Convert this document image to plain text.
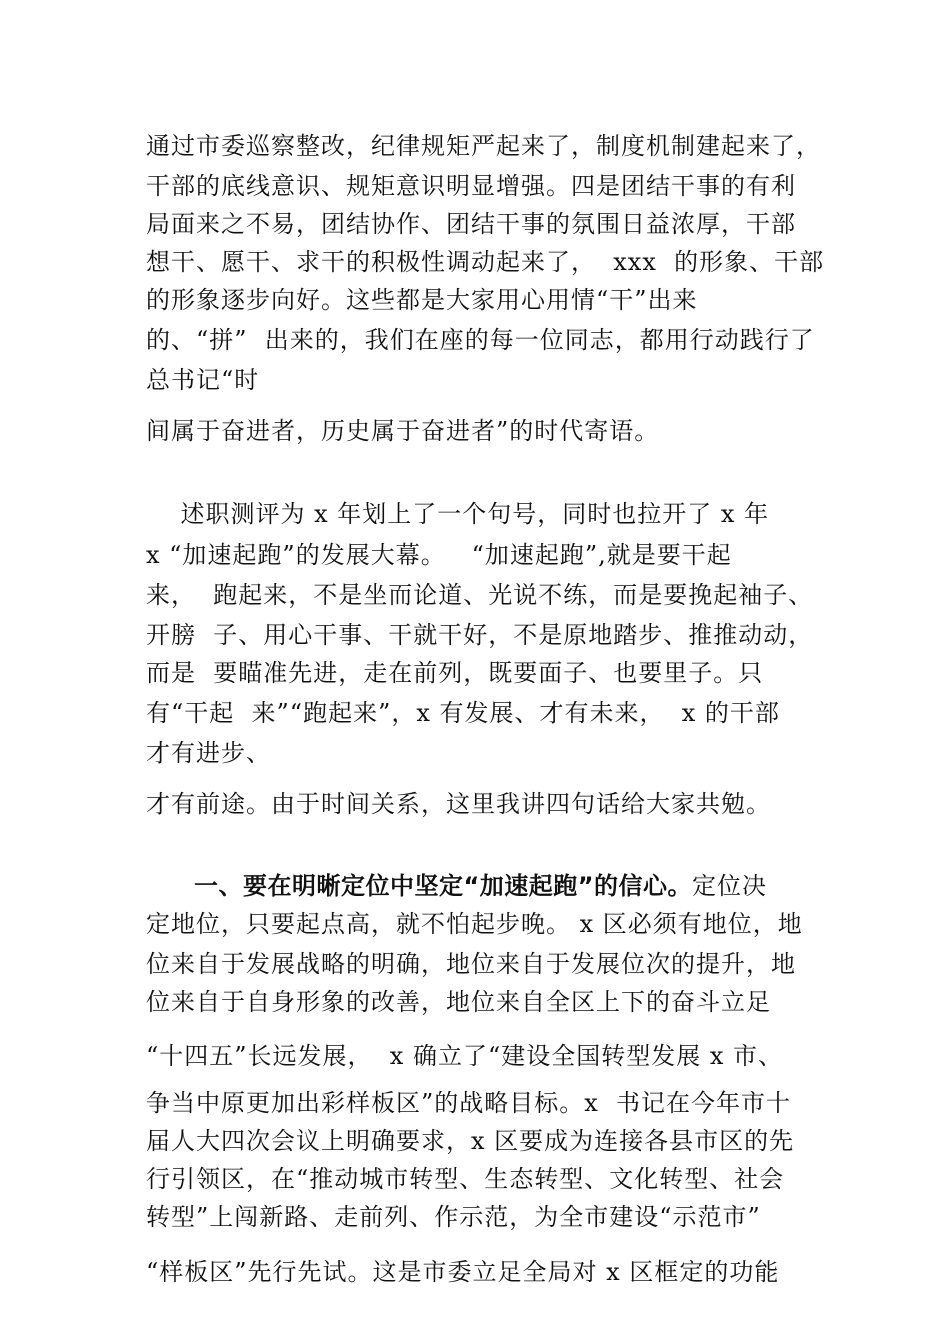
通过市委巡察整改，纪律规矩严起来了，制度机制建起来了，
干部的底线意识、规矩意识明显增强。四是团结干事的有利
局面来之不易，团结协作、团结干事的氛围日益浓厚，干部
想干、愿干、求干的积极性调动起来了，  xxx  的形象、干部
的形象逐步向好。这些都是大家用心用情“干”出来
的、“拼”  出来的，我们在座的每一位同志，都用行动践行了
总书记“时
间属于奋进者，历史属于奋进者”的时代寄语。
述职测评为 x 年划上了一个句号，同时也拉开了 x 年
x “加速起跑”的发展大幕。   “加速起跑”,就是要干起
来，  跑起来，不是坐而论道、光说不练，而是要挽起袖子、
开膀  子、用心干事、干就干好，不是原地踏步、推推动动，
而是  要瞄准先进，走在前列，既要面子、也要里子。只
有“干起  来”“跑起来”，x 有发展、才有未来，  x 的干部
才有进步、
才有前途。由于时间关系，这里我讲四句话给大家共勉。
一、要在明晰定位中坚定“加速起跑”的信心。定位决
定地位，只要起点高，就不怕起步晚。 x 区必须有地位，地
位来自于发展战略的明确，地位来自于发展位次的提升，地
位来自于自身形象的改善，地位来自全区上下的奋斗立足
“十四五”长远发展，  x 确立了“建设全国转型发展 x 市、
争当中原更加出彩样板区”的战略目标。x  书记在今年市十
届人大四次会议上明确要求，x 区要成为连接各县市区的先
行引领区，在“推动城市转型、生态转型、文化转型、社会
转型”上闯新路、走前列、作示范，为全市建设“示范市”
“样板区”先行先试。这是市委立足全局对 x 区框定的功能
